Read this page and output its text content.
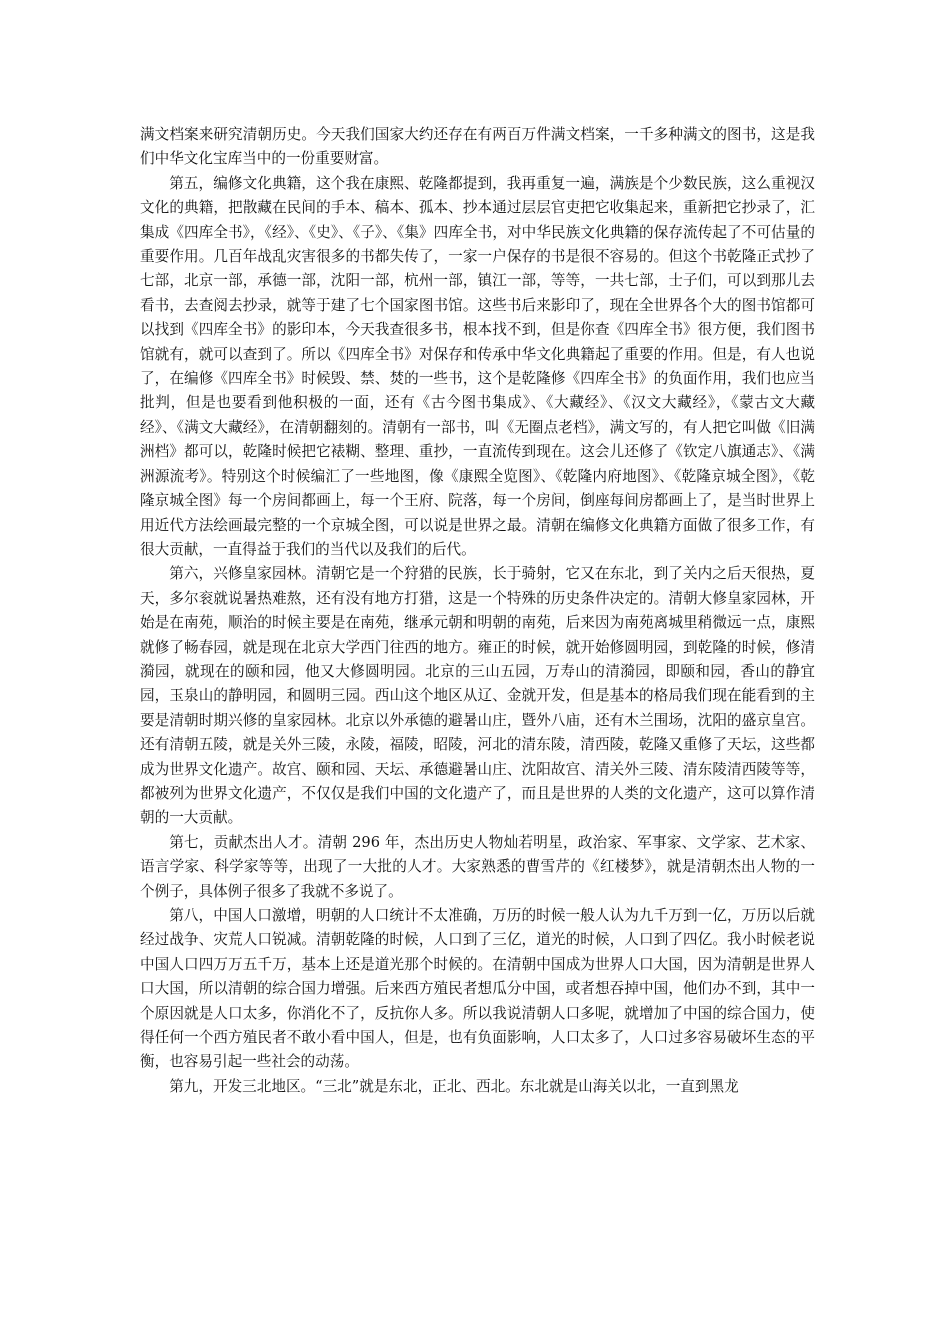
满文档案来研究清朝历史。今天我们国家大约还存在有两百万件满文档案，一千多种满文的图书，这是我们中华文化宝库当中的一份重要财富。

第五，编修文化典籍，这个我在康熙、乾隆都提到，我再重复一遍，满族是个少数民族，这么重视汉文化的典籍，把散藏在民间的手本、稿本、孤本、抄本通过层层官吏把它收集起来，重新把它抄录了，汇集成《四库全书》，《经》、《史》、《子》、《集》四库全书，对中华民族文化典籍的保存流传起了不可估量的重要作用。几百年战乱灾害很多的书都失传了，一家一户保存的书是很不容易的。但这个书乾隆正式抄了七部，北京一部，承德一部，沈阳一部，杭州一部，镇江一部，等等，一共七部，士子们，可以到那儿去看书，去查阅去抄录，就等于建了七个国家图书馆。这些书后来影印了，现在全世界各个大的图书馆都可以找到《四库全书》的影印本，今天我查很多书，根本找不到，但是你查《四库全书》很方便，我们图书馆就有，就可以查到了。所以《四库全书》对保存和传承中华文化典籍起了重要的作用。但是，有人也说了，在编修《四库全书》时候毁、禁、焚的一些书，这个是乾隆修《四库全书》的负面作用，我们也应当批判，但是也要看到他积极的一面，还有《古今图书集成》、《大藏经》、《汉文大藏经》，《蒙古文大藏经》、《满文大藏经》，在清朝翻刻的。清朝有一部书，叫《无圈点老档》，满文写的，有人把它叫做《旧满洲档》都可以，乾隆时候把它裱糊、整理、重抄，一直流传到现在。这会儿还修了《钦定八旗通志》、《满洲源流考》。特别这个时候编汇了一些地图，像《康熙全览图》、《乾隆内府地图》、《乾隆京城全图》，《乾隆京城全图》每一个房间都画上，每一个王府、院落，每一个房间，倒座每间房都画上了，是当时世界上用近代方法绘画最完整的一个京城全图，可以说是世界之最。清朝在编修文化典籍方面做了很多工作，有很大贡献，一直得益于我们的当代以及我们的后代。

第六，兴修皇家园林。清朝它是一个狩猎的民族，长于骑射，它又在东北，到了关内之后天很热，夏天，多尔衮就说暑热难熬，还有没有地方打猎，这是一个特殊的历史条件决定的。清朝大修皇家园林，开始是在南苑，顺治的时候主要是在南苑，继承元朝和明朝的南苑，后来因为南苑离城里稍微远一点，康熙就修了畅春园，就是现在北京大学西门往西的地方。雍正的时候，就开始修圆明园，到乾隆的时候，修清漪园，就现在的颐和园，他又大修圆明园。北京的三山五园，万寿山的清漪园，即颐和园，香山的静宜园，玉泉山的静明园，和圆明三园。西山这个地区从辽、金就开发，但是基本的格局我们现在能看到的主要是清朝时期兴修的皇家园林。北京以外承德的避暑山庄，暨外八庙，还有木兰围场，沈阳的盛京皇宫。还有清朝五陵，就是关外三陵，永陵，福陵，昭陵，河北的清东陵，清西陵，乾隆又重修了天坛，这些都成为世界文化遗产。故宫、颐和园、天坛、承德避暑山庄、沈阳故宫、清关外三陵、清东陵清西陵等等，都被列为世界文化遗产，不仅仅是我们中国的文化遗产了，而且是世界的人类的文化遗产，这可以算作清朝的一大贡献。

第七，贡献杰出人才。清朝 296 年，杰出历史人物灿若明星，政治家、军事家、文学家、艺术家、语言学家、科学家等等，出现了一大批的人才。大家熟悉的曹雪芹的《红楼梦》，就是清朝杰出人物的一个例子，具体例子很多了我就不多说了。

第八，中国人口激增，明朝的人口统计不太准确，万历的时候一般人认为九千万到一亿，万历以后就经过战争、灾荒人口锐减。清朝乾隆的时候，人口到了三亿，道光的时候，人口到了四亿。我小时候老说中国人口四万万五千万，基本上还是道光那个时候的。在清朝中国成为世界人口大国，因为清朝是世界人口大国，所以清朝的综合国力增强。后来西方殖民者想瓜分中国，或者想吞掉中国，他们办不到，其中一个原因就是人口太多，你消化不了，反抗你人多。所以我说清朝人口多呢，就增加了中国的综合国力，使得任何一个西方殖民者不敢小看中国人，但是，也有负面影响，人口太多了，人口过多容易破坏生态的平衡，也容易引起一些社会的动荡。

第九，开发三北地区。“三北”就是东北，正北、西北。东北就是山海关以北，一直到黑龙
